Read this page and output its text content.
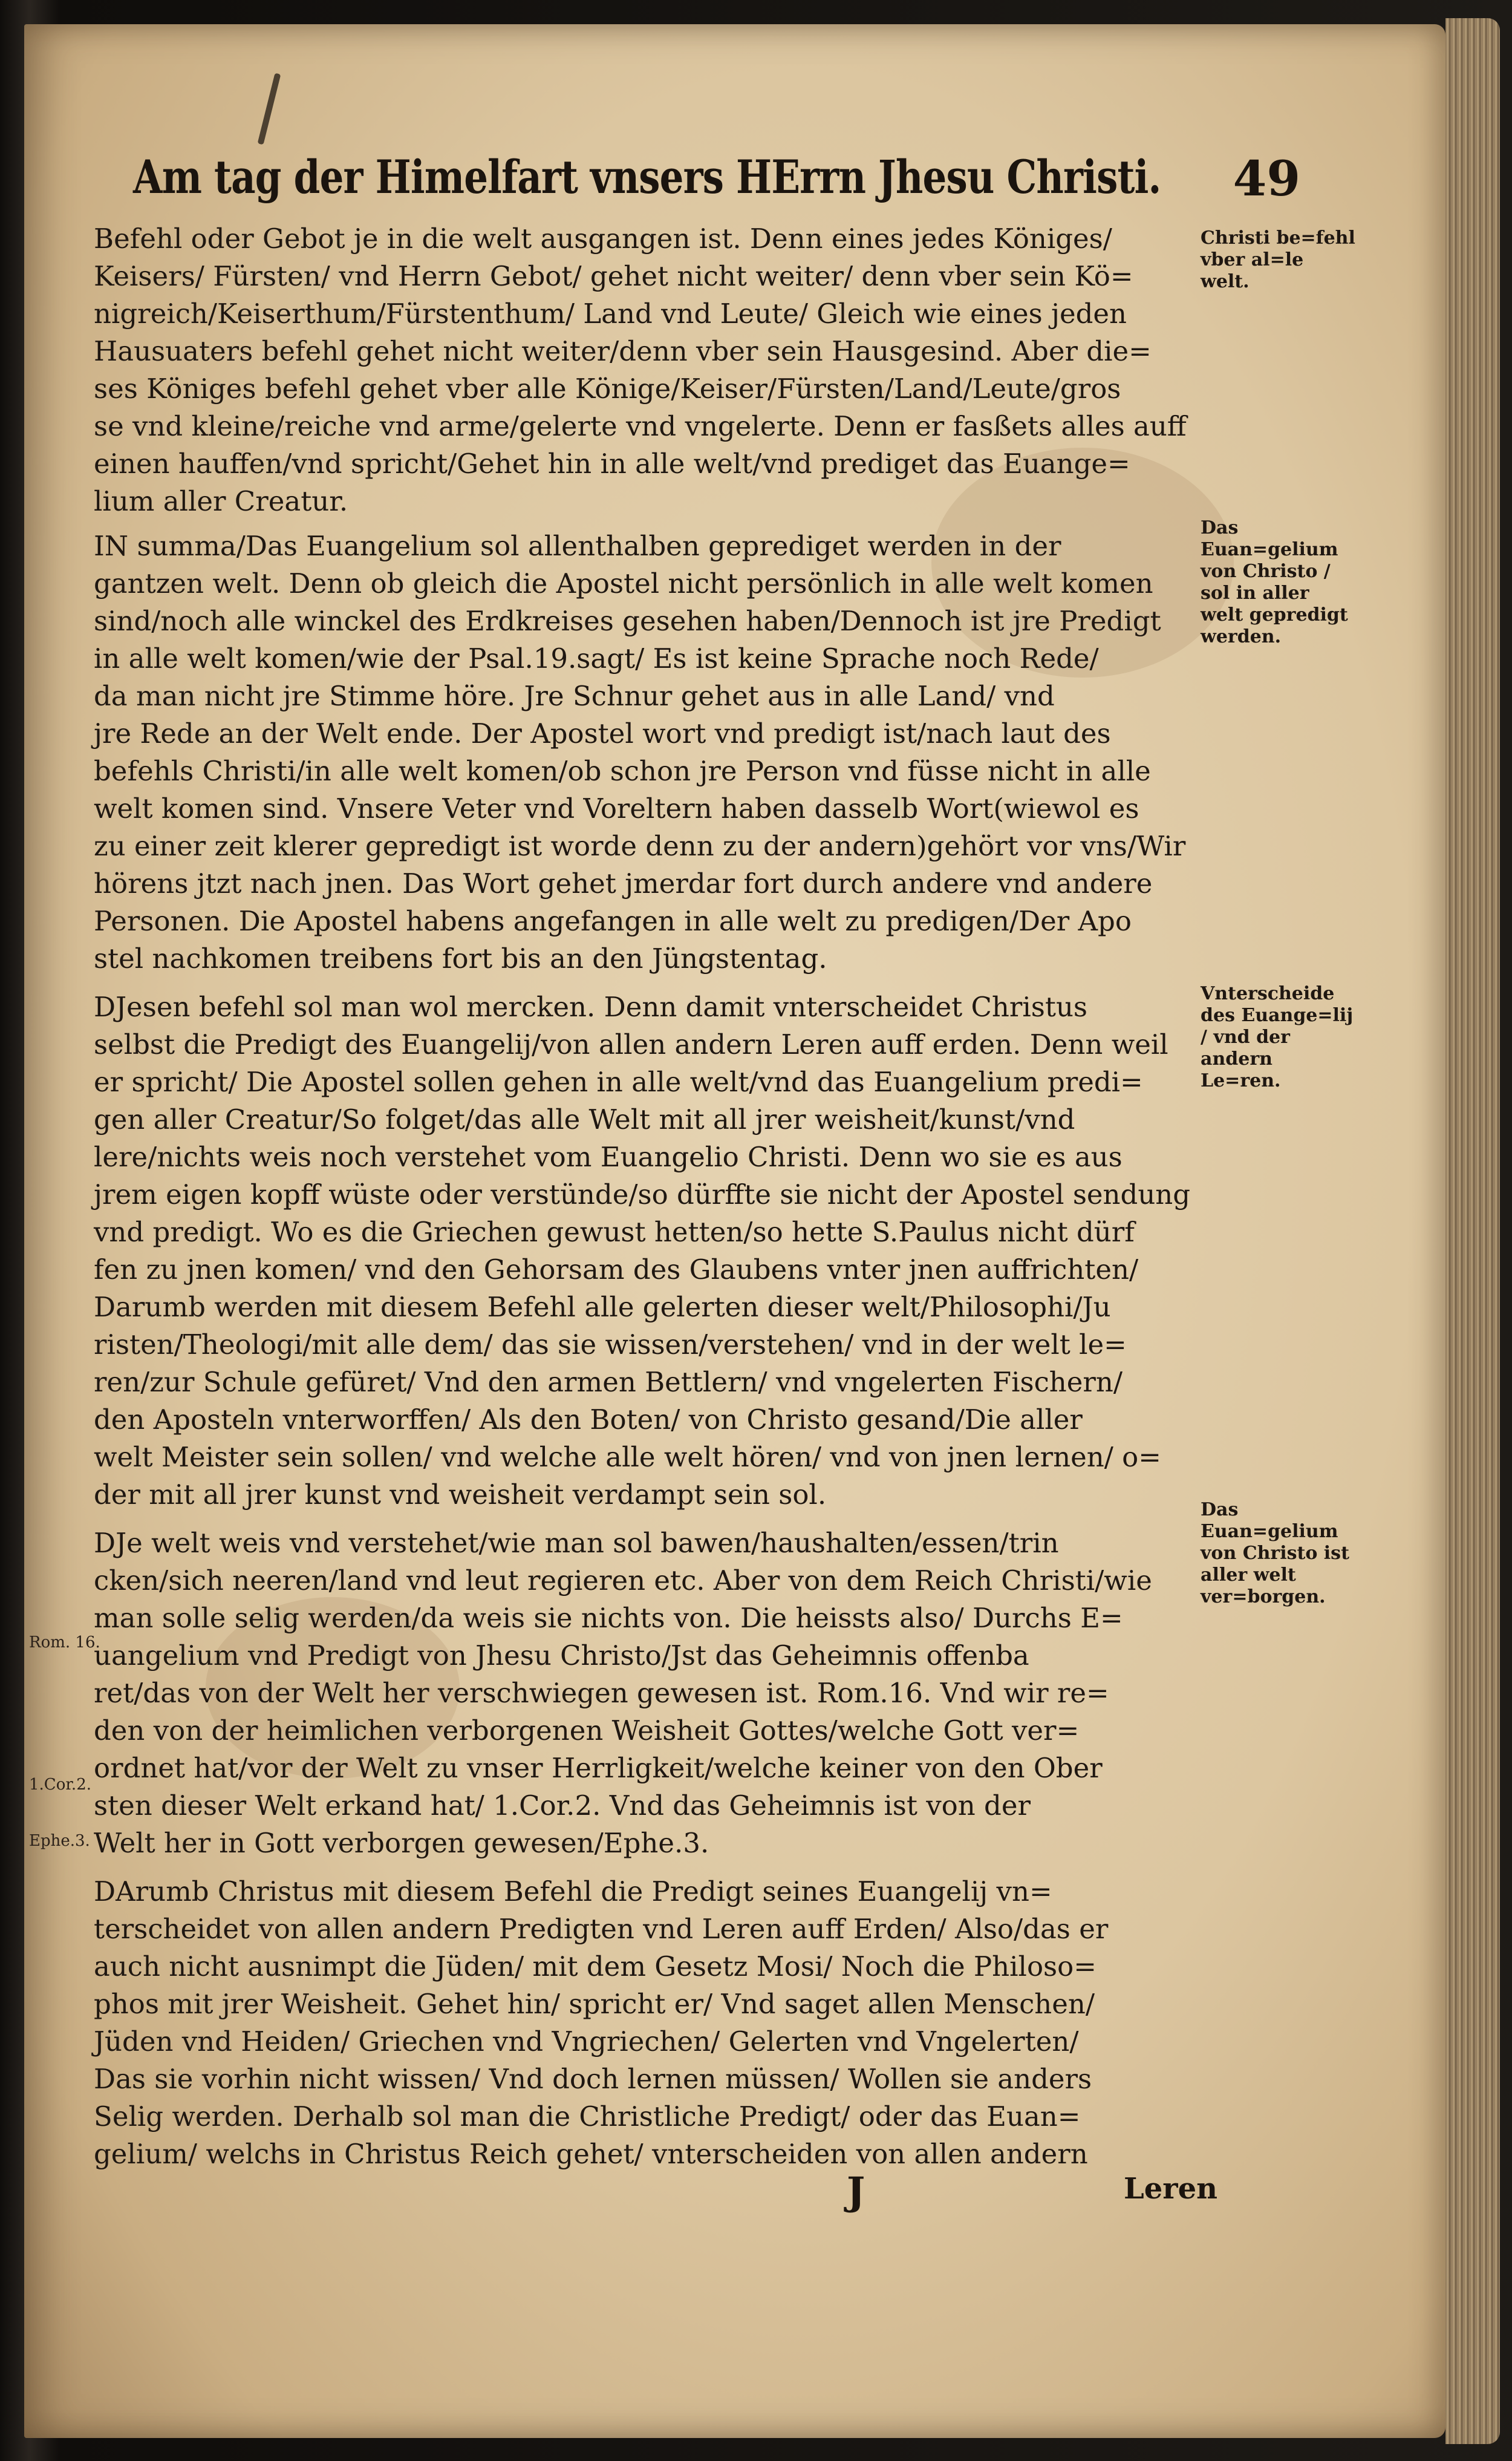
Am tag der Himelfart vnsers HErrn Jhesu Christi. 49
Befehl oder Gebot je in die welt ausgangen ist. Denn eines jedes Königes/
Keisers/ Fürsten/ vnd Herrn Gebot/ gehet nicht weiter/ denn vber sein Kö=
nigreich/Keiserthum/Fürstenthum/ Land vnd Leute/ Gleich wie eines jeden
Hausuaters befehl gehet nicht weiter/denn vber sein Hausgesind. Aber die=
ses Königes befehl gehet vber alle Könige/Keiser/Fürsten/Land/Leute/gros
se vnd kleine/reiche vnd arme/gelerte vnd vngelerte. Denn er fasßets alles auff
einen hauffen/vnd spricht/Gehet hin in alle welt/vnd prediget das Euange=
lium aller Creatur.
IN summa/Das Euangelium sol allenthalben geprediget werden in der
gantzen welt. Denn ob gleich die Apostel nicht persönlich in alle welt komen
sind/noch alle winckel des Erdkreises gesehen haben/Dennoch ist jre Predigt
in alle welt komen/wie der Psal.19.sagt/ Es ist keine Sprache noch Rede/
da man nicht jre Stimme höre. Jre Schnur gehet aus in alle Land/ vnd
jre Rede an der Welt ende. Der Apostel wort vnd predigt ist/nach laut des
befehls Christi/in alle welt komen/ob schon jre Person vnd füsse nicht in alle
welt komen sind. Vnsere Veter vnd Voreltern haben dasselb Wort(wiewol es
zu einer zeit klerer gepredigt ist worde denn zu der andern)gehört vor vns/Wir
hörens jtzt nach jnen. Das Wort gehet jmerdar fort durch andere vnd andere
Personen. Die Apostel habens angefangen in alle welt zu predigen/Der Apo
stel nachkomen treibens fort bis an den Jüngstentag.
DJesen befehl sol man wol mercken. Denn damit vnterscheidet Christus
selbst die Predigt des Euangelij/von allen andern Leren auff erden. Denn weil
er spricht/ Die Apostel sollen gehen in alle welt/vnd das Euangelium predi=
gen aller Creatur/So folget/das alle Welt mit all jrer weisheit/kunst/vnd
lere/nichts weis noch verstehet vom Euangelio Christi. Denn wo sie es aus
jrem eigen kopff wüste oder verstünde/so dürffte sie nicht der Apostel sendung
vnd predigt. Wo es die Griechen gewust hetten/so hette S.Paulus nicht dürf
fen zu jnen komen/ vnd den Gehorsam des Glaubens vnter jnen auffrichten/
Darumb werden mit diesem Befehl alle gelerten dieser welt/Philosophi/Ju
risten/Theologi/mit alle dem/ das sie wissen/verstehen/ vnd in der welt le=
ren/zur Schule gefüret/ Vnd den armen Bettlern/ vnd vngelerten Fischern/
den Aposteln vnterworffen/ Als den Boten/ von Christo gesand/Die aller
welt Meister sein sollen/ vnd welche alle welt hören/ vnd von jnen lernen/ o=
der mit all jrer kunst vnd weisheit verdampt sein sol.
DJe welt weis vnd verstehet/wie man sol bawen/haushalten/essen/trin
cken/sich neeren/land vnd leut regieren etc. Aber von dem Reich Christi/wie
man solle selig werden/da weis sie nichts von. Die heissts also/ Durchs E=
uangelium vnd Predigt von Jhesu Christo/Jst das Geheimnis offenba
ret/das von der Welt her verschwiegen gewesen ist. Rom.16. Vnd wir re=
den von der heimlichen verborgenen Weisheit Gottes/welche Gott ver=
ordnet hat/vor der Welt zu vnser Herrligkeit/welche keiner von den Ober
sten dieser Welt erkand hat/ 1.Cor.2. Vnd das Geheimnis ist von der
Welt her in Gott verborgen gewesen/Ephe.3.
DArumb Christus mit diesem Befehl die Predigt seines Euangelij vn=
terscheidet von allen andern Predigten vnd Leren auff Erden/ Also/das er
auch nicht ausnimpt die Jüden/ mit dem Gesetz Mosi/ Noch die Philoso=
phos mit jrer Weisheit. Gehet hin/ spricht er/ Vnd saget allen Menschen/
Jüden vnd Heiden/ Griechen vnd Vngriechen/ Gelerten vnd Vngelerten/
Das sie vorhin nicht wissen/ Vnd doch lernen müssen/ Wollen sie anders
Selig werden. Derhalb sol man die Christliche Predigt/ oder das Euan=
gelium/ welchs in Christus Reich gehet/ vnterscheiden von allen andern
Christi be=fehl vber al=le welt.
Das Euan=gelium von Christo / sol in aller welt gepredigt werden.
Vnterscheide des Euange=lij / vnd der andern Le=ren.
Das Euan=gelium von Christo ist aller welt ver=borgen.
Rom. 16.
1.Cor.2.
Ephe.3.
J	Leren
